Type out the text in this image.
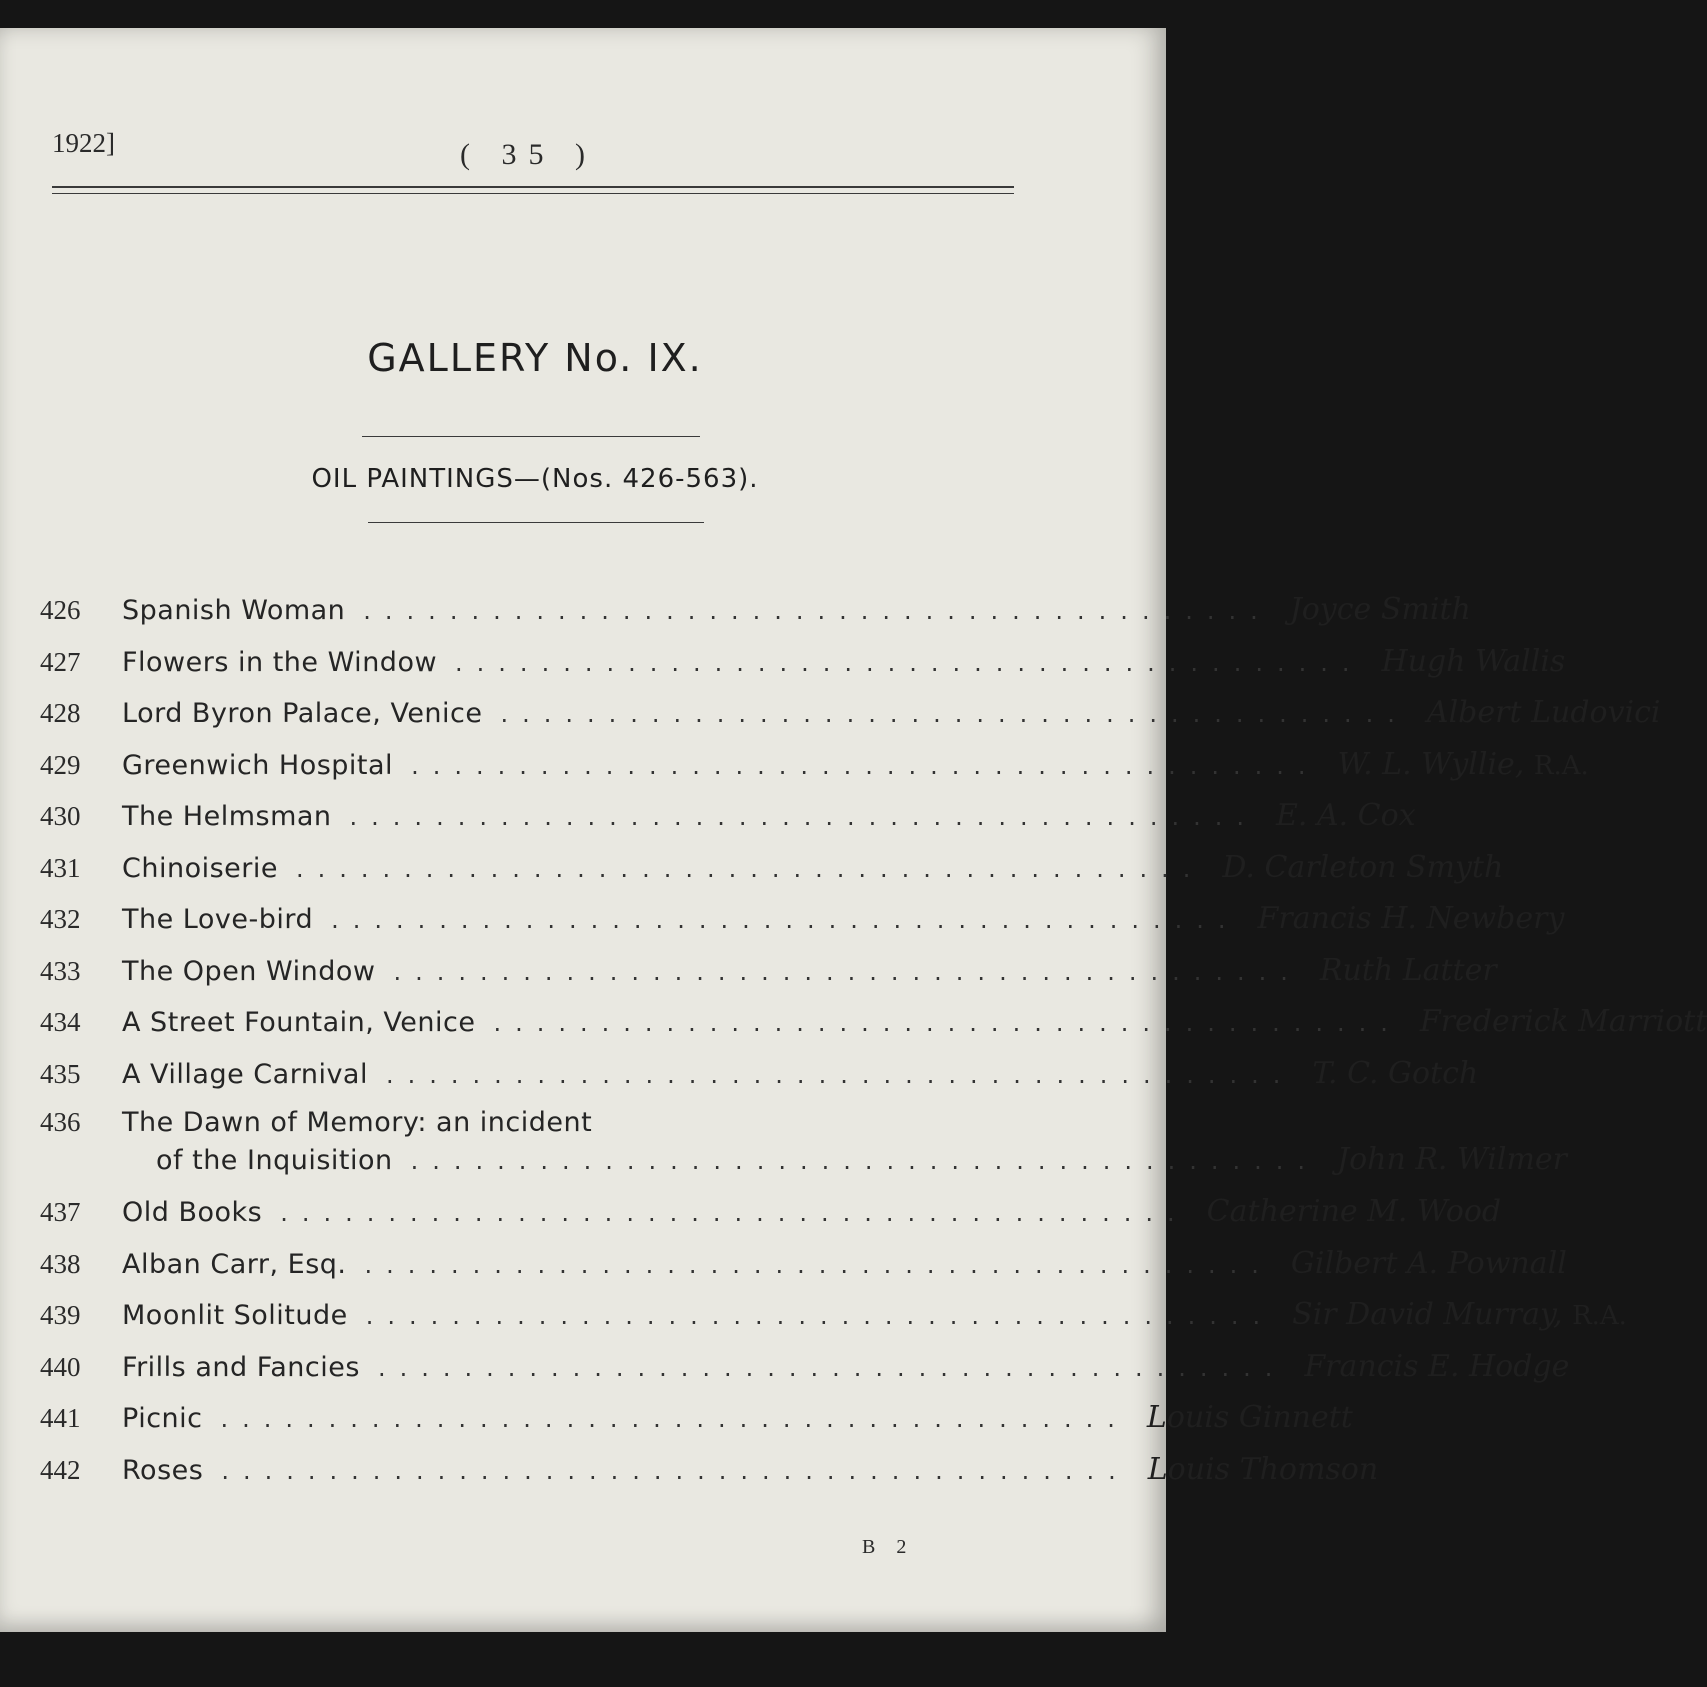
1922]	( 35 )
GALLERY No. IX.
OIL PAINTINGS—(Nos. 426-563).
426	Spanish Woman .......................................... Joyce Smith
427	Flowers in the Window .......................................... Hugh Wallis
428	Lord Byron Palace, Venice .......................................... Albert Ludovici
429	Greenwich Hospital .......................................... W. L. Wyllie, R.A.
430	The Helmsman .......................................... E. A. Cox
431	Chinoiserie .......................................... D. Carleton Smyth
432	The Love-bird .......................................... Francis H. Newbery
433	The Open Window .......................................... Ruth Latter
434	A Street Fountain, Venice .......................................... Frederick Marriott
435	A Village Carnival .......................................... T. C. Gotch
436	The Dawn of Memory: an incident
of the Inquisition .......................................... John R. Wilmer
437	Old Books .......................................... Catherine M. Wood
438	Alban Carr, Esq. .......................................... Gilbert A. Pownall
439	Moonlit Solitude .......................................... Sir David Murray, R.A.
440	Frills and Fancies .......................................... Francis E. Hodge
441	Picnic .......................................... Louis Ginnett
442	Roses .......................................... Louis Thomson
B 2
